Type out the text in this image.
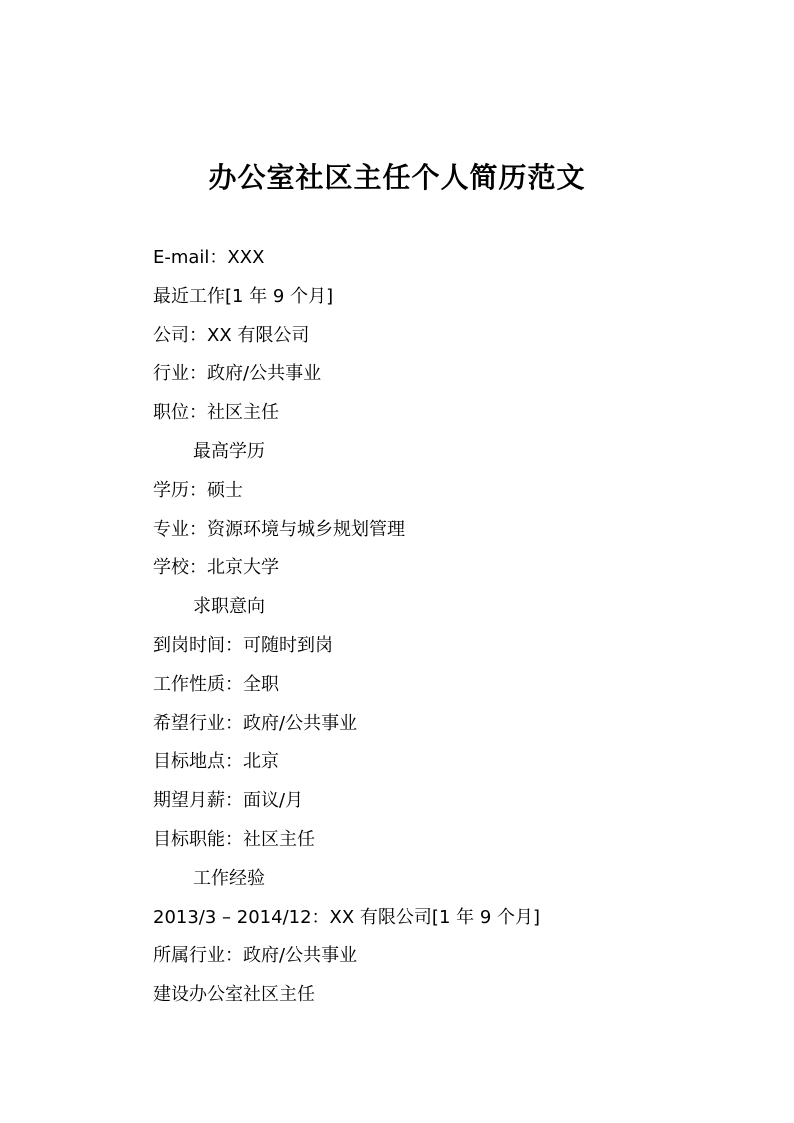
办公室社区主任个人简历范文

E-mail：XXX

最近工作[1 年 9 个月]

公司：XX 有限公司

行业：政府/公共事业

职位：社区主任

最高学历

学历：硕士

专业：资源环境与城乡规划管理

学校：北京大学

求职意向

到岗时间：可随时到岗

工作性质：全职

希望行业：政府/公共事业

目标地点：北京

期望月薪：面议/月

目标职能：社区主任

工作经验

2013/3 – 2014/12：XX 有限公司[1 年 9 个月]

所属行业：政府/公共事业

建设办公室社区主任
